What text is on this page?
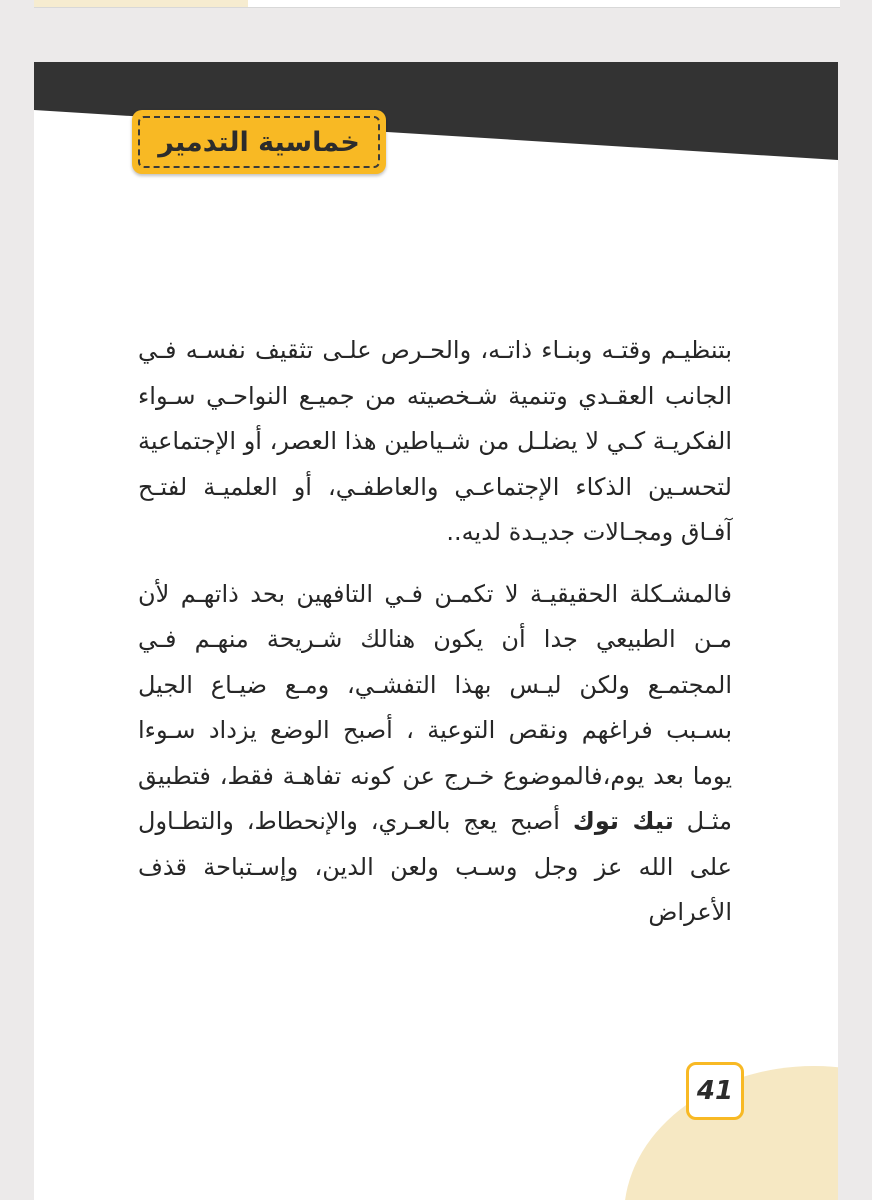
خماسية التدمير

بتنظيـم وقتـه وبنـاء ذاتـه، والحـرص علـى تثقيف نفسـه فـي الجانب العقـدي وتنمية شـخصيته من جميـع النواحـي سـواء الفكريـة كـي لا يضلـل من شـياطين هذا العصر، أو الإجتماعية لتحسـين الذكاء الإجتماعـي والعاطفـي، أو العلميـة لفتـح آفـاق ومجـالات جديـدة لديه..

فالمشـكلة الحقيقيـة لا تكمـن فـي التافهين بحد ذاتهـم لأن مـن الطبيعي جدا أن يكون هنالك شـريحة منهـم فـي المجتمـع ولكن ليـس بهذا التفشـي، ومـع ضيـاع الجيل بسـبب فراغهم ونقص التوعية ، أصبح الوضع يزداد سـوءا يوما بعد يوم،فالموضوع خـرج عن كونه تفاهـة فقط، فتطبيق مثـل تيك توك أصبح يعج بالعـري، والإنحطاط، والتطـاول على الله عز وجل وسـب ولعن الدين، وإسـتباحة قذف الأعراض

41
